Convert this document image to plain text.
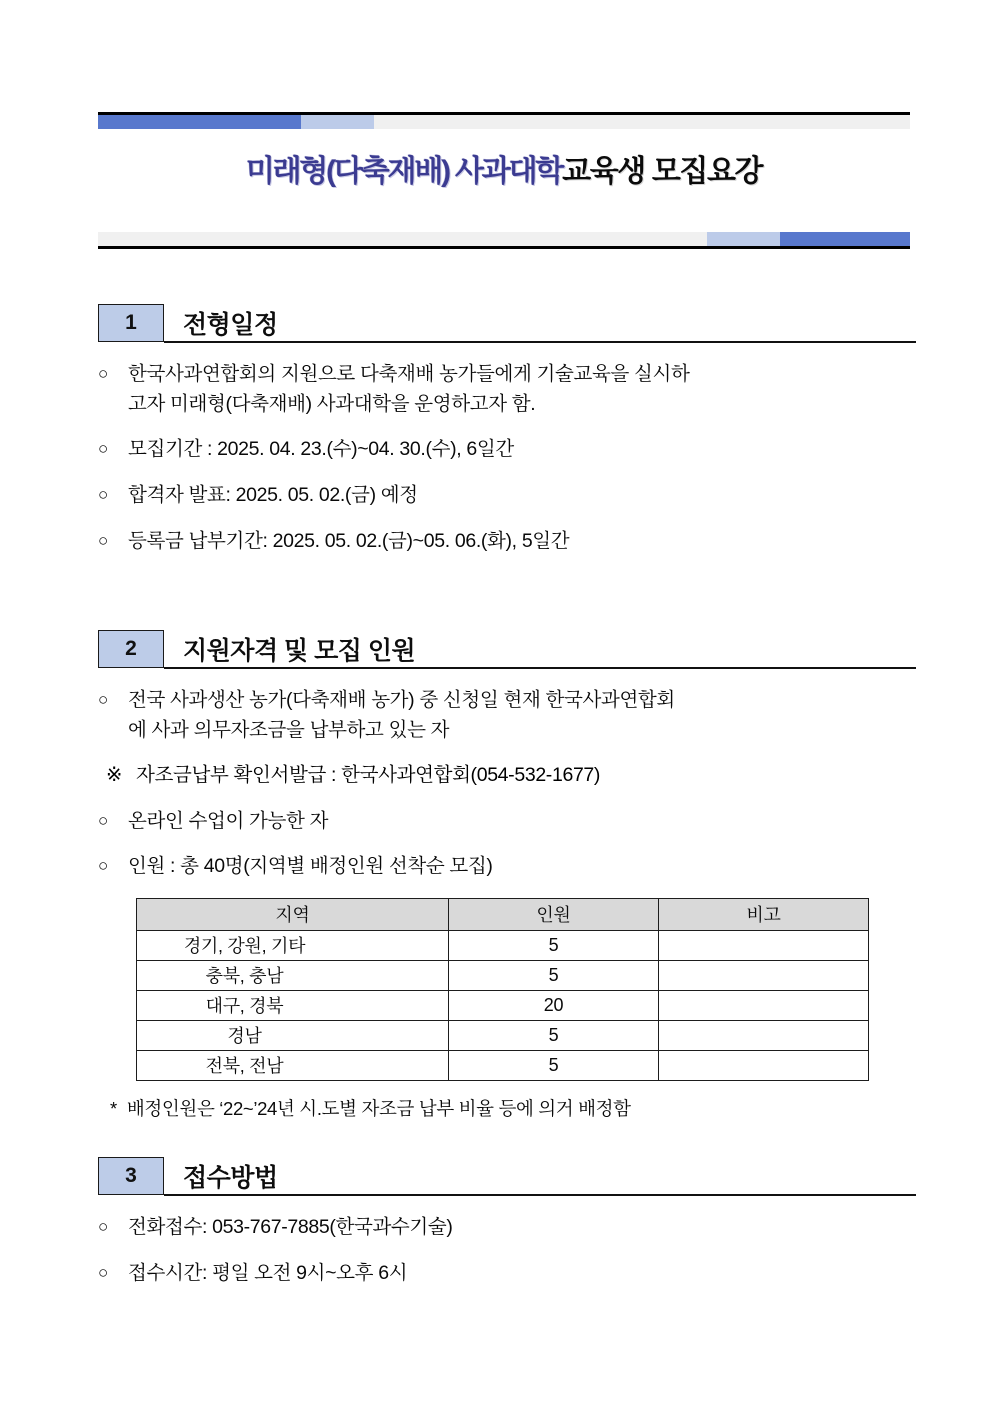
미래형(다축재배) 사과대학교육생 모집요강
1	전형일정
○	한국사과연합회의 지원으로 다축재배 농가들에게 기술교육을 실시하
고자 미래형(다축재배) 사과대학을 운영하고자 함.
○	모집기간 : 2025. 04. 23.(수)~04. 30.(수), 6일간
○	합격자 발표: 2025. 05. 02.(금) 예정
○	등록금 납부기간: 2025. 05. 02.(금)~05. 06.(화), 5일간
2	지원자격 및 모집 인원
○	전국 사과생산 농가(다축재배 농가) 중 신청일 현재 한국사과연합회
에 사과 의무자조금을 납부하고 있는 자
※ 자조금납부 확인서발급 : 한국사과연합회(054-532-1677)
○	온라인 수업이 가능한 자
○	인원 : 총 40명(지역별 배정인원 선착순 모집)
지역	인원	비고
경기, 강원, 기타	5	
충북, 충남	5	
대구, 경북	20	
경남	5	
전북, 전남	5	
* 배정인원은 ‘22~’24년 시.도별 자조금 납부 비율 등에 의거 배정함
3	접수방법
○	전화접수: 053-767-7885(한국과수기술)
○	접수시간: 평일 오전 9시~오후 6시
